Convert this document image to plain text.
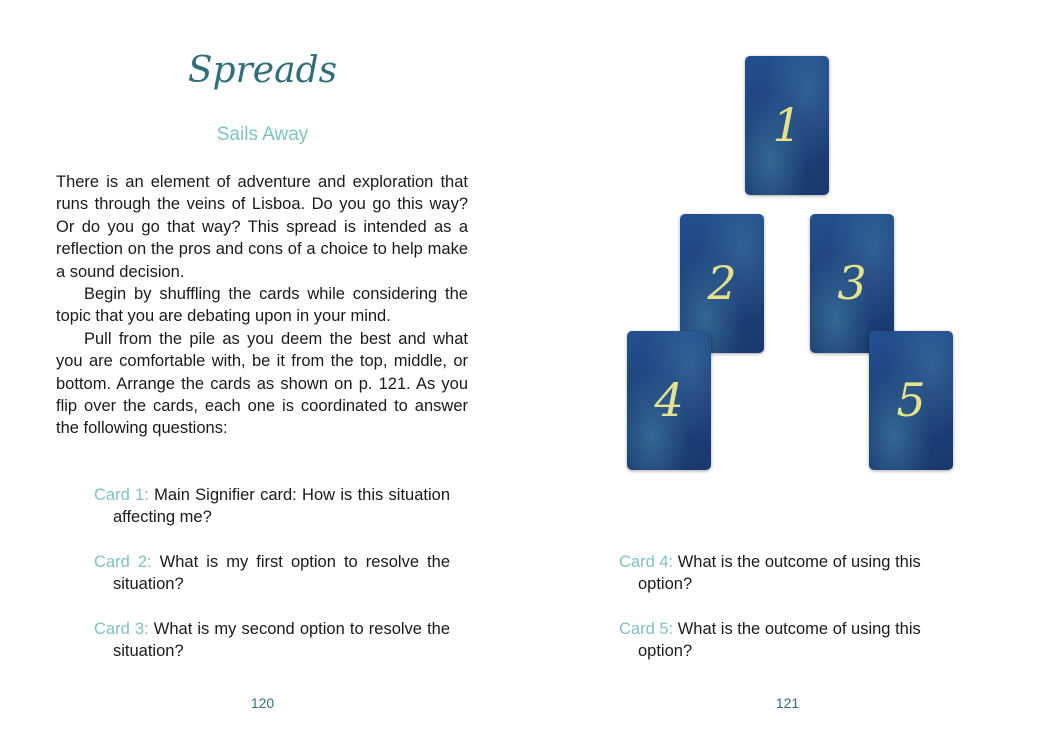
Spreads
Sails Away

There is an element of adventure and exploration that runs through the veins of Lisboa. Do you go this way? Or do you go that way? This spread is intended as a reflection on the pros and cons of a choice to help make a sound decision.

Begin by shuffling the cards while considering the topic that you are debating upon in your mind.

Pull from the pile as you deem the best and what you are comfortable with, be it from the top, middle, or bottom. Arrange the cards as shown on p. 121. As you flip over the cards, each one is coordinated to answer the following questions:

Card 1: Main Signifier card: How is this situation affecting me?
Card 2: What is my first option to resolve the situation?
Card 3: What is my second option to resolve the situation?
120
1
2	3
4	5
Card 4: What is the outcome of using this option?
Card 5: What is the outcome of using this option?
121
